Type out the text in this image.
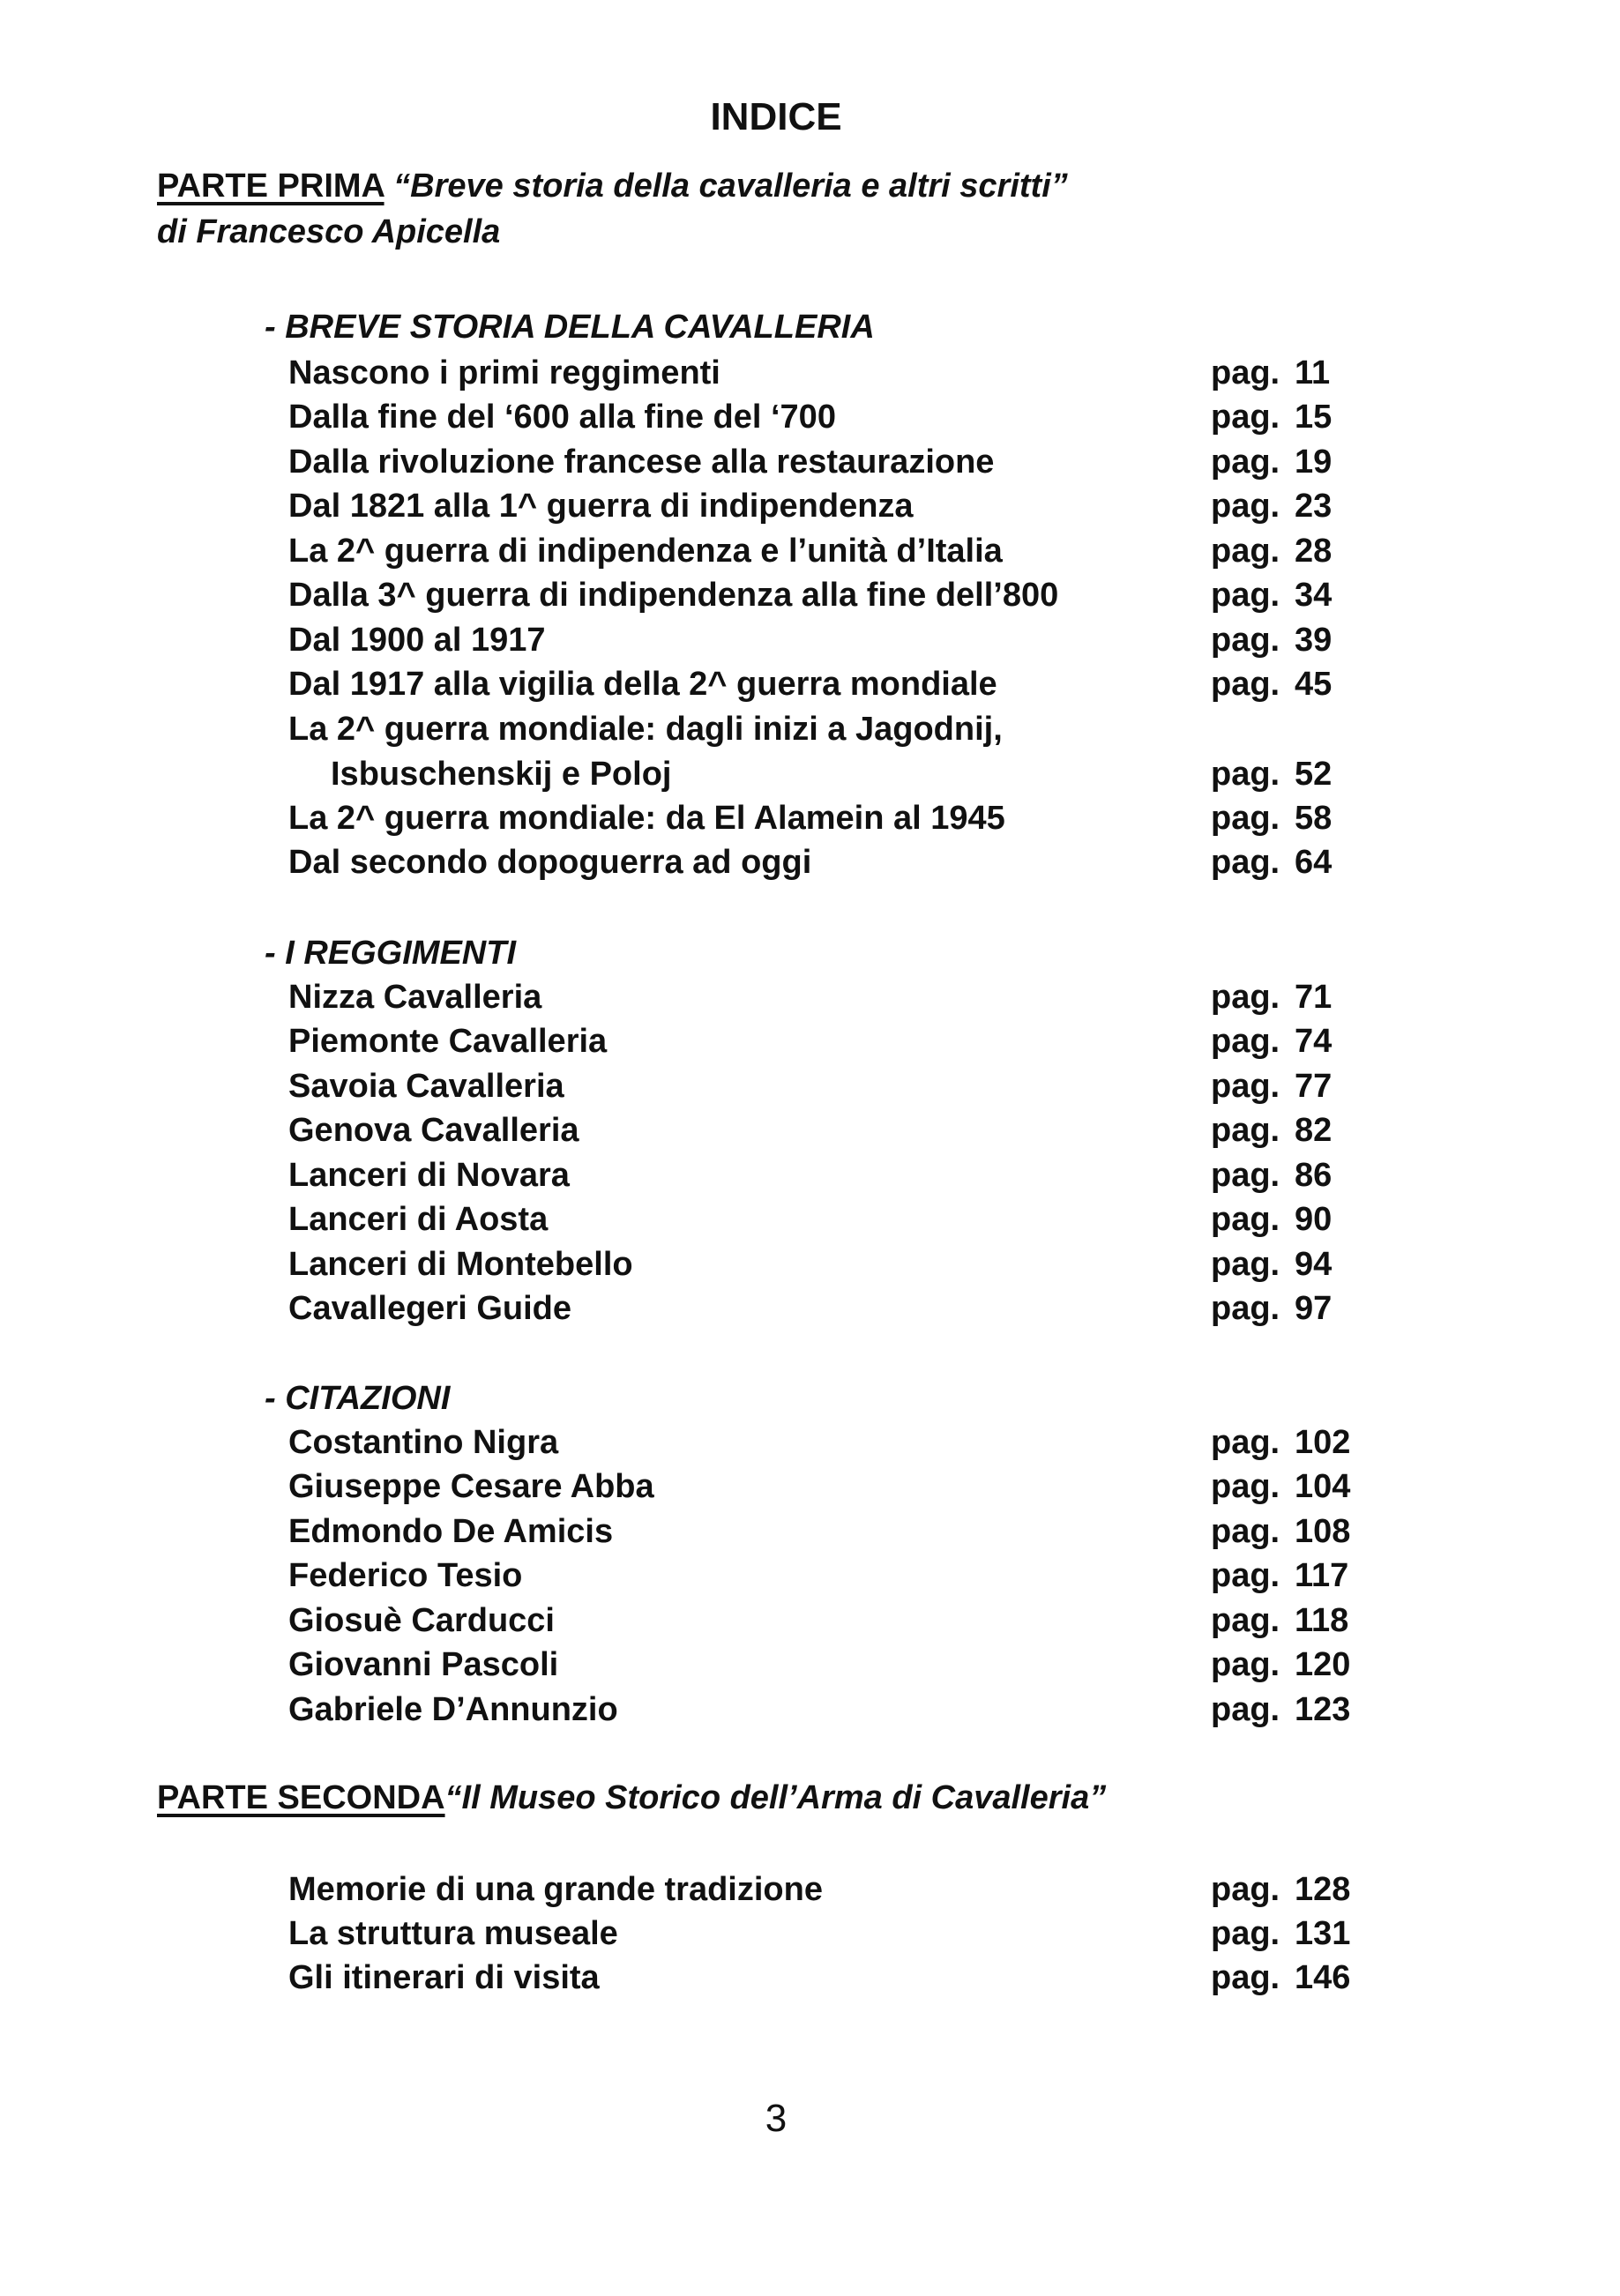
INDICE
PARTE PRIMA “Breve storia della cavalleria e altri scritti”
di Francesco Apicella
- BREVE STORIA DELLA CAVALLERIA
Nascono i primi reggimenti	pag. 11
Dalla fine del ‘600 alla fine del ‘700	pag. 15
Dalla rivoluzione francese alla restaurazione	pag. 19
Dal 1821 alla 1^ guerra di indipendenza	pag. 23
La 2^ guerra di indipendenza e l’unità d’Italia	pag. 28
Dalla 3^ guerra di indipendenza alla fine dell’800	pag. 34
Dal 1900 al 1917	pag. 39
Dal 1917 alla vigilia della 2^ guerra mondiale	pag. 45
La 2^ guerra mondiale: dagli inizi a Jagodnij,
Isbuschenskij e Poloj	pag. 52
La 2^ guerra mondiale: da El Alamein al 1945	pag. 58
Dal secondo dopoguerra ad oggi	pag. 64
- I REGGIMENTI
Nizza Cavalleria	pag. 71
Piemonte Cavalleria	pag. 74
Savoia Cavalleria	pag. 77
Genova Cavalleria	pag. 82
Lanceri di Novara	pag. 86
Lanceri di Aosta	pag. 90
Lanceri di Montebello	pag. 94
Cavallegeri Guide	pag. 97
- CITAZIONI
Costantino Nigra	pag. 102
Giuseppe Cesare Abba	pag. 104
Edmondo De Amicis	pag. 108
Federico Tesio	pag. 117
Giosuè Carducci	pag. 118
Giovanni Pascoli	pag. 120
Gabriele D’Annunzio	pag. 123
PARTE SECONDA“Il Museo Storico dell’Arma di Cavalleria”
Memorie di una grande tradizione	pag. 128
La struttura museale	pag. 131
Gli itinerari di visita	pag. 146
3
